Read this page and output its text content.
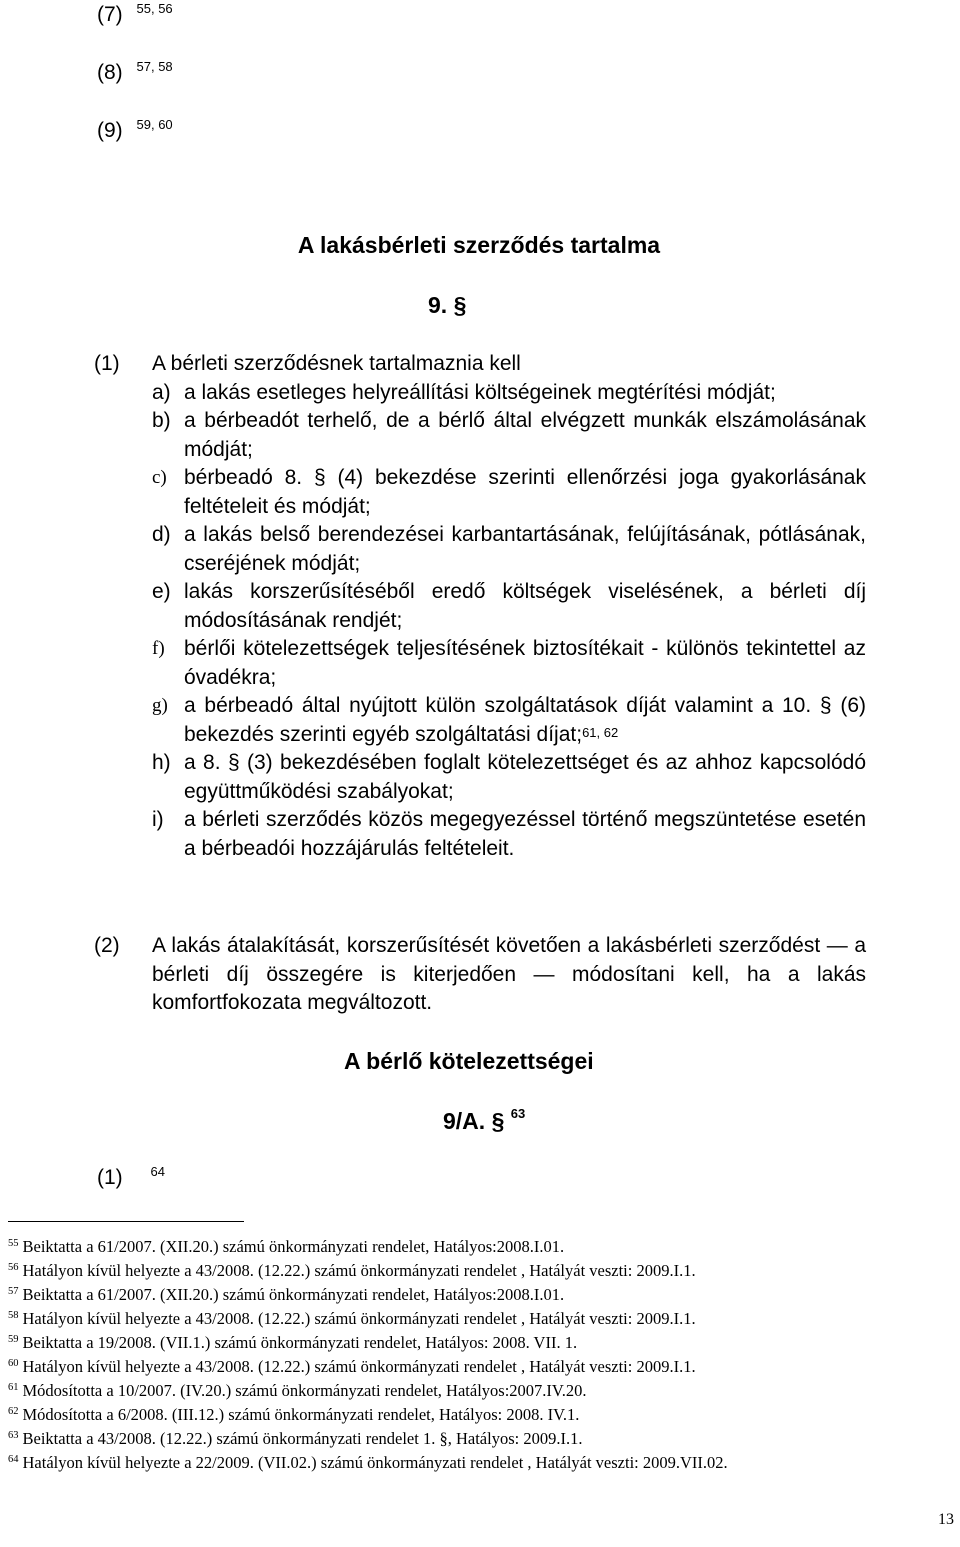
(7) $^{55, 56}$
(8) $^{57, 58}$
(9) $^{59, 60}$
A lakásbérleti szerződés tartalma
9. §
(1) A bérleti szerződésnek tartalmaznia kell
a) a lakás esetleges helyreállítási költségeinek megtérítési módját;
b) a bérbeadót terhelő, de a bérlő által elvégzett munkák elszámolásának módját;
c) bérbeadó 8. § (4) bekezdése szerinti ellenőrzési joga gyakorlásának feltételeit és módját;
d) a lakás belső berendezései karbantartásának, felújításának, pótlásának, cseréjének módját;
e) lakás korszerűsítéséből eredő költségek viselésének, a bérleti díj módosításának rendjét;
f) bérlői kötelezettségek teljesítésének biztosítékait - különös tekintettel az óvadékra;
g) a bérbeadó által nyújtott külön szolgáltatások díját valamint a 10. § (6) bekezdés szerinti egyéb szolgáltatási díjat;$^{61, 62}$
h) a 8. § (3) bekezdésében foglalt kötelezettséget és az ahhoz kapcsolódó együttműködési szabályokat;
i) a bérleti szerződés közös megegyezéssel történő megszüntetése esetén a bérbeadói hozzájárulás feltételeit.
(2) A lakás átalakítását, korszerűsítését követően a lakásbérleti szerződést — a bérleti díj összegére is kiterjedően — módosítani kell, ha a lakás komfortfokozata megváltozott.
A bérlő kötelezettségei
9/A. § $^{63}$
(1) $^{64}$
$^{55}$ Beiktatta a 61/2007. (XII.20.) számú önkormányzati rendelet, Hatályos:2008.I.01.
$^{56}$ Hatályon kívül helyezte a 43/2008. (12.22.) számú önkormányzati rendelet , Hatályát veszti: 2009.I.1.
$^{57}$ Beiktatta a 61/2007. (XII.20.) számú önkormányzati rendelet, Hatályos:2008.I.01.
$^{58}$ Hatályon kívül helyezte a 43/2008. (12.22.) számú önkormányzati rendelet , Hatályát veszti: 2009.I.1.
$^{59}$ Beiktatta a 19/2008. (VII.1.) számú önkormányzati rendelet, Hatályos: 2008. VII. 1.
$^{60}$ Hatályon kívül helyezte a 43/2008. (12.22.) számú önkormányzati rendelet , Hatályát veszti: 2009.I.1.
$^{61}$ Módosította a 10/2007. (IV.20.) számú önkormányzati rendelet, Hatályos:2007.IV.20.
$^{62}$ Módosította a 6/2008. (III.12.) számú önkormányzati rendelet, Hatályos: 2008. IV.1.
$^{63}$ Beiktatta a 43/2008. (12.22.) számú önkormányzati rendelet 1. §, Hatályos: 2009.I.1.
$^{64}$ Hatályon kívül helyezte a 22/2009. (VII.02.) számú önkormányzati rendelet , Hatályát veszti: 2009.VII.02.
13
